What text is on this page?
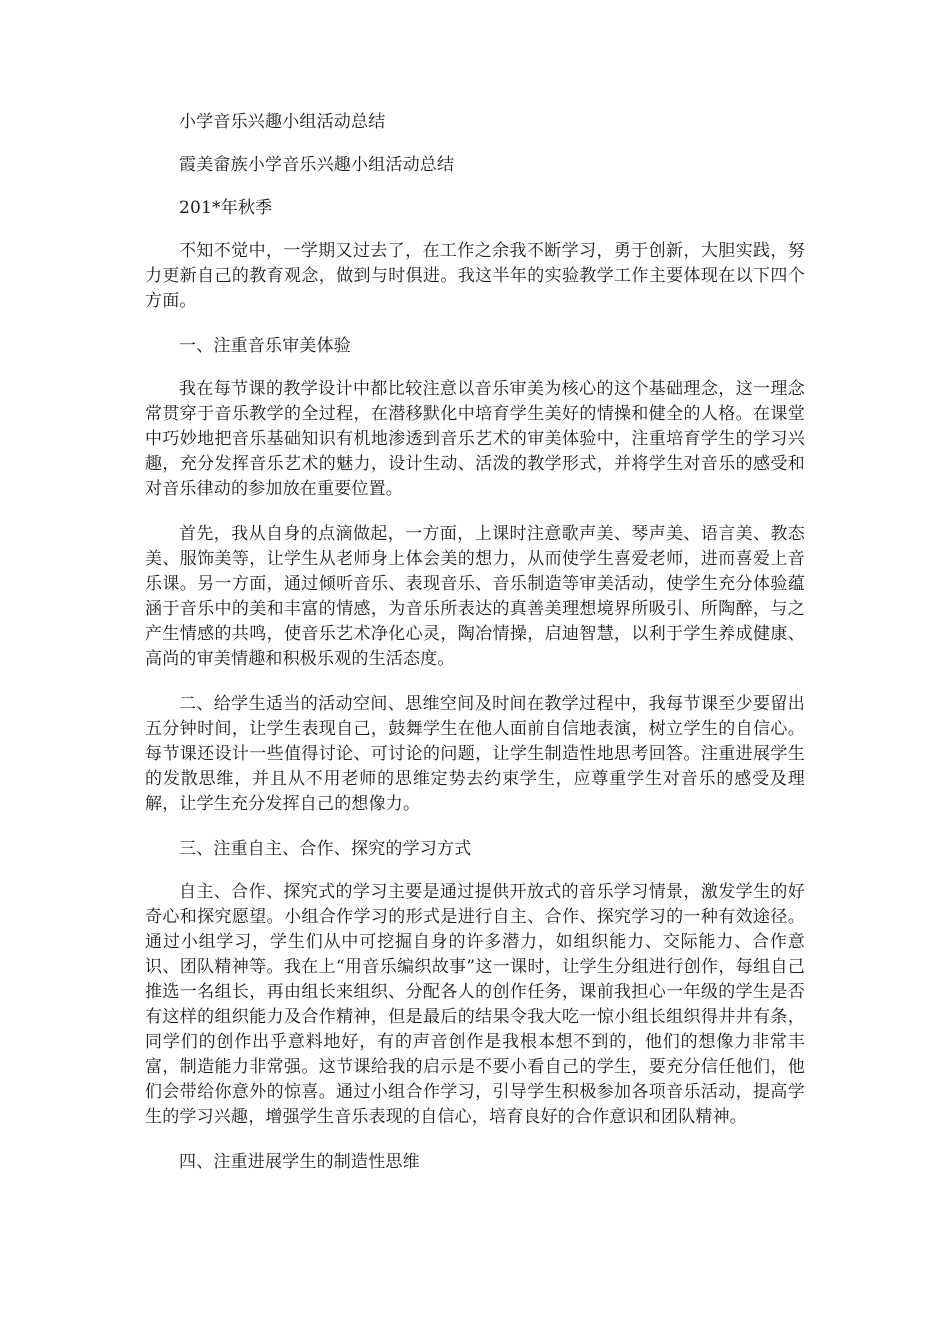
小学音乐兴趣小组活动总结

霞美畲族小学音乐兴趣小组活动总结

201*年秋季

不知不觉中，一学期又过去了，在工作之余我不断学习，勇于创新，大胆实践，努力更新自己的教育观念，做到与时俱进。我这半年的实验教学工作主要体现在以下四个方面。

一、注重音乐审美体验

我在每节课的教学设计中都比较注意以音乐审美为核心的这个基础理念，这一理念常贯穿于音乐教学的全过程，在潜移默化中培育学生美好的情操和健全的人格。在课堂中巧妙地把音乐基础知识有机地渗透到音乐艺术的审美体验中，注重培育学生的学习兴趣，充分发挥音乐艺术的魅力，设计生动、活泼的教学形式，并将学生对音乐的感受和对音乐律动的参加放在重要位置。

首先，我从自身的点滴做起，一方面，上课时注意歌声美、琴声美、语言美、教态美、服饰美等，让学生从老师身上体会美的想力，从而使学生喜爱老师，进而喜爱上音乐课。另一方面，通过倾听音乐、表现音乐、音乐制造等审美活动，使学生充分体验蕴涵于音乐中的美和丰富的情感，为音乐所表达的真善美理想境界所吸引、所陶醉，与之产生情感的共鸣，使音乐艺术净化心灵，陶冶情操，启迪智慧，以利于学生养成健康、高尚的审美情趣和积极乐观的生活态度。

二、给学生适当的活动空间、思维空间及时间在教学过程中，我每节课至少要留出五分钟时间，让学生表现自己，鼓舞学生在他人面前自信地表演，树立学生的自信心。每节课还设计一些值得讨论、可讨论的问题，让学生制造性地思考回答。注重进展学生的发散思维，并且从不用老师的思维定势去约束学生，应尊重学生对音乐的感受及理解，让学生充分发挥自己的想像力。

三、注重自主、合作、探究的学习方式

自主、合作、探究式的学习主要是通过提供开放式的音乐学习情景，激发学生的好奇心和探究愿望。小组合作学习的形式是进行自主、合作、探究学习的一种有效途径。通过小组学习，学生们从中可挖掘自身的许多潜力，如组织能力、交际能力、合作意识、团队精神等。我在上“用音乐编织故事”这一课时，让学生分组进行创作，每组自己推选一名组长，再由组长来组织、分配各人的创作任务，课前我担心一年级的学生是否有这样的组织能力及合作精神，但是最后的结果令我大吃一惊小组长组织得井井有条，同学们的创作出乎意料地好，有的声音创作是我根本想不到的，他们的想像力非常丰富，制造能力非常强。这节课给我的启示是不要小看自己的学生，要充分信任他们，他们会带给你意外的惊喜。通过小组合作学习，引导学生积极参加各项音乐活动，提高学生的学习兴趣，增强学生音乐表现的自信心，培育良好的合作意识和团队精神。

四、注重进展学生的制造性思维
